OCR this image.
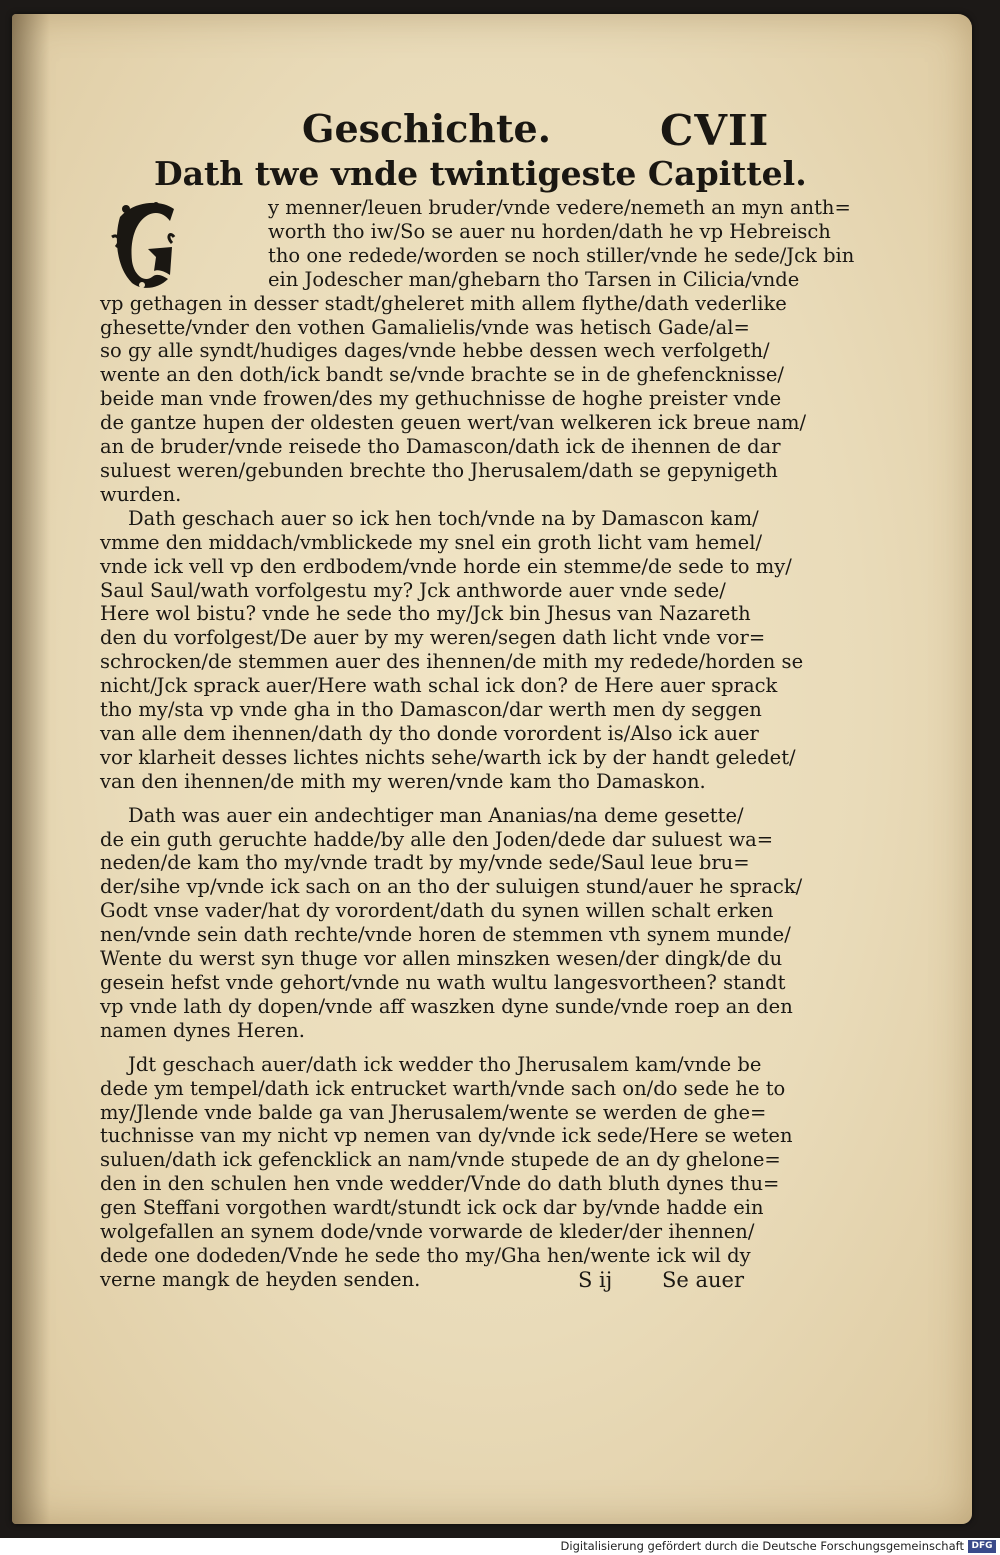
Geschichte.	CVII
Dath twe vnde twintigeste Capittel.
y menner/leuen bruder/vnde vedere/nemeth an myn anth=
worth tho iw/So se auer nu horden/dath he vp Hebreisch
tho one redede/worden se noch stiller/vnde he sede/Jck bin
ein Jodescher man/ghebarn tho Tarsen in Cilicia/vnde
vp gethagen in desser stadt/gheleret mith allem flythe/dath vederlike
ghesette/vnder den vothen Gamalielis/vnde was hetisch Gade/al=
so gy alle syndt/hudiges dages/vnde hebbe dessen wech verfolgeth/
wente an den doth/ick bandt se/vnde brachte se in de ghefencknisse/
beide man vnde frowen/des my gethuchnisse de hoghe preister vnde
de gantze hupen der oldesten geuen wert/van welkeren ick breue nam/
an de bruder/vnde reisede tho Damascon/dath ick de ihennen de dar
suluest weren/gebunden brechte tho Jherusalem/dath se gepynigeth
wurden.
Dath geschach auer so ick hen toch/vnde na by Damascon kam/
vmme den middach/vmblickede my snel ein groth licht vam hemel/
vnde ick vell vp den erdbodem/vnde horde ein stemme/de sede to my/
Saul Saul/wath vorfolgestu my? Jck anthworde auer vnde sede/
Here wol bistu? vnde he sede tho my/Jck bin Jhesus van Nazareth
den du vorfolgest/De auer by my weren/segen dath licht vnde vor=
schrocken/de stemmen auer des ihennen/de mith my redede/horden se
nicht/Jck sprack auer/Here wath schal ick don? de Here auer sprack
tho my/sta vp vnde gha in tho Damascon/dar werth men dy seggen
van alle dem ihennen/dath dy tho donde vorordent is/Also ick auer
vor klarheit desses lichtes nichts sehe/warth ick by der handt geledet/
van den ihennen/de mith my weren/vnde kam tho Damaskon.
Dath was auer ein andechtiger man Ananias/na deme gesette/
de ein guth geruchte hadde/by alle den Joden/dede dar suluest wa=
neden/de kam tho my/vnde tradt by my/vnde sede/Saul leue bru=
der/sihe vp/vnde ick sach on an tho der suluigen stund/auer he sprack/
Godt vnse vader/hat dy vorordent/dath du synen willen schalt erken
nen/vnde sein dath rechte/vnde horen de stemmen vth synem munde/
Wente du werst syn thuge vor allen minszken wesen/der dingk/de du
gesein hefst vnde gehort/vnde nu wath wultu langesvortheen? standt
vp vnde lath dy dopen/vnde aff waszken dyne sunde/vnde roep an den
namen dynes Heren.
Jdt geschach auer/dath ick wedder tho Jherusalem kam/vnde be
dede ym tempel/dath ick entrucket warth/vnde sach on/do sede he to
my/Jlende vnde balde ga van Jherusalem/wente se werden de ghe=
tuchnisse van my nicht vp nemen van dy/vnde ick sede/Here se weten
suluen/dath ick gefencklick an nam/vnde stupede de an dy ghelone=
den in den schulen hen vnde wedder/Vnde do dath bluth dynes thu=
gen Steffani vorgothen wardt/stundt ick ock dar by/vnde hadde ein
wolgefallen an synem dode/vnde vorwarde de kleder/der ihennen/
dede one dodeden/Vnde he sede tho my/Gha hen/wente ick wil dy
verne mangk de heyden senden.	S ij Se auer
Digitalisierung gefördert durch die Deutsche Forschungsgemeinschaft DFG
